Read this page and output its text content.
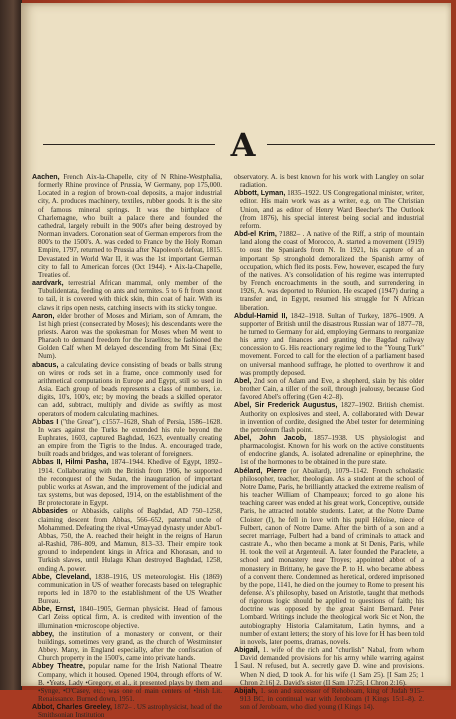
A

Aachen, French Aix-la-Chapelle, city of N Rhine-Westphalia, formerly Rhine province of Prussia, W Germany, pop 175,000. Located in a region of brown-coal deposits, a major industrial city, A. produces machinery, textiles, rubber goods. It is the site of famous mineral springs. It was the birthplace of Charlemagne, who built a palace there and founded the cathedral, largely rebuilt in the 900's after being destroyed by Norman invaders. Coronation seat of German emperors from the 800's to the 1500's. A. was ceded to France by the Holy Roman Empire, 1797, returned to Prussia after Napoleon's defeat, 1815. Devastated in World War II, it was the 1st important German city to fall to American forces (Oct 1944). • Aix-la-Chapelle, Treaties of.

aardvark, terrestrial African mammal, only member of the Tubulidentata, feeding on ants and termites. 5 to 6 ft from snout to tail, it is covered with thick skin, thin coat of hair. With its claws it rips open nests, catching insects with its sticky tongue.

Aaron, elder brother of Moses and Miriam, son of Amram, the 1st high priest (consecrated by Moses); his descendants were the priests. Aaron was the spokesman for Moses when M went to Pharaoh to demand freedom for the Israelites; he fashioned the Golden Calf when M delayed descending from Mt Sinai (Ex; Num).

abacus, a calculating device consisting of beads or balls strung on wires or rods set in a frame, once commonly used for arithmetical computations in Europe and Egypt, still so used in Asia. Each group of beads represents a class of numbers, i.e. digits, 10's, 100's, etc; by moving the beads a skilled operator can add, subtract, multiply and divide as swiftly as most operators of modern calculating machines.

Abbas I ("the Great"), c1557–1628, Shah of Persia, 1586–1628. In wars against the Turks he extended his rule beyond the Euphrates, 1603, captured Baghdad, 1623, eventually creating an empire from the Tigris to the Indus. A. encouraged trade, built roads and bridges, and was tolerant of foreigners.

Abbas II, Hilmi Pasha, 1874–1944. Khedive of Egypt, 1892–1914. Collaborating with the British from 1906, he supported the reconquest of the Sudan, the inauguration of important public works at Aswan, and the improvement of the judicial and tax systems, but was deposed, 1914, on the establishment of the Br protectorate in Egypt.

Abbasides or Abbasids, caliphs of Baghdad, AD 750–1258, claiming descent from Abbas, 566–652, paternal uncle of Mohammed. Defeating the rival •Umayyad dynasty under Abu'l-Abbas, 750, the A. reached their height in the reigns of Harun al-Rashid, 786–809, and Mamun, 813–33. Their empire took ground to independent kings in Africa and Khorasan, and to Turkish slaves, until Hulagu Khan destroyed Baghdad, 1258, ending A. power.

Abbe, Cleveland, 1838–1916, US meteorologist. His (1869) communication in US of weather forecasts based on telegraphic reports led in 1870 to the establishment of the US Weather Bureau.

Abbe, Ernst, 1840–1905, German physicist. Head of famous Carl Zeiss optical firm, A. is credited with invention of the illumination •microscope objective.

abbey, the institution of a monastery or convent, or their buildings, sometimes very grand, as the church of Westminster Abbey. Many, in England especially, after the confiscation of Church property in the 1500's, came into private hands.

Abbey Theatre, popular name for the Irish National Theatre Company, which it housed. Opened 1904, through efforts of W. B. •Yeats, Lady •Gregory, et al., it presented plays by them and •Synge, •O'Casey, etc.; was one of main centers of •Irish Lit. Renaissance. Burned down, 1951.

Abbot, Charles Greeley, 1872– . US astrophysicist, head of the Smithsonian Institution

observatory. A. is best known for his work with Langley on solar radiation.

Abbott, Lyman, 1835–1922. US Congregational minister, writer, editor. His main work was as a writer, e.g. on The Christian Union, and as editor of Henry Ward Beecher's The Outlook (from 1876), his special interest being social and industrial reform.

Abd-el Krim, ?1882– . A native of the Riff, a strip of mountain land along the coast of Morocco, A. started a movement (1919) to oust the Spaniards from N. In 1921, his capture of an important Sp stronghold demoralized the Spanish army of occupation, which fled its posts. Few, however, escaped the fury of the natives. A's consolidation of his regime was interrupted by French encroachments in the south, and surrendering in 1926, A. was deported to Réunion. He escaped (1947) during a transfer and, in Egypt, resumed his struggle for N African liberation.

Abdul-Hamid II, 1842–1918. Sultan of Turkey, 1876–1909. A supporter of British until the disastrous Russian war of 1877–78, he turned to Germany for aid, employing Germans to reorganize his army and finances and granting the Bagdad railway concession to G. His reactionary regime led to the "Young Turk" movement. Forced to call for the election of a parliament based on universal manhood suffrage, he plotted to overthrow it and was promptly deposed.

Abel, 2nd son of Adam and Eve, a shepherd, slain by his older brother Cain, a tiller of the soil, through jealousy, because God favored Abel's offering (Gen 4:2–8).

Abel, Sir Frederick Augustus, 1827–1902. British chemist. Authority on explosives and steel, A. collaborated with Dewar in invention of cordite, designed the Abel tester for determining the petroleum flash point.

Abel, John Jacob, 1857–1938. US physiologist and pharmacologist. Known for his work on the active constituents of endocrine glands, A. isolated adrenaline or epinephrine, the 1st of the hormones to be obtained in the pure state.

Abélard, Pierre (or Abailard), 1079–1142. French scholastic philosopher, teacher, theologian. As a student at the school of Notre Dame, Paris, he brilliantly attacked the extreme realism of his teacher William of Champeaux; forced to go alone his teaching career was ended at his great work, Conceptive, outside Paris, he attracted notable students. Later, at the Notre Dame Cloister (I), he fell in love with his pupil Héloïse, niece of Fulbert, canon of Notre Dame. After the birth of a son and a secret marriage, Fulbert had a band of criminals to attack and castrate A., who then became a monk at St Denis, Paris, while H. took the veil at Argenteuil. A. later founded the Paraclete, a school and monastery near Troyes; appointed abbot of a monastery in Brittany, he gave the P. to H. who became abbess of a convent there. Condemned as heretical, ordered imprisoned by the pope, 1141, he died on the journey to Rome to present his defense. A's philosophy, based on Aristotle, taught that methods of rigorous logic should be applied to questions of faith; his doctrine was opposed by the great Saint Bernard. Peter Lombard. Writings include the theological work Sic et Non, the autobiography Historia Calamitatum, Latin hymns, and a number of extant letters; the story of his love for H has been told in novels, later poems, dramas, novels.

Abigail, 1. wife of the rich and "churlish" Nabal, from whom David demanded provisions for his army while warring against Saul. N refused, but A. secretly gave D. wine and provisions. When N died, D took A. for his wife (1 Sam 25). [I Sam 25; 1 Chron 2:16] 2. David's sister (II Sam 17:25; I Chron 2:16).

Abijah, 1. son and successor of Rehoboam, king of Judah 915–913 BC, in continual war with Jeroboam (I Kings 15:1–8). 2. son of Jeroboam, who died young (I Kings 14).

1
